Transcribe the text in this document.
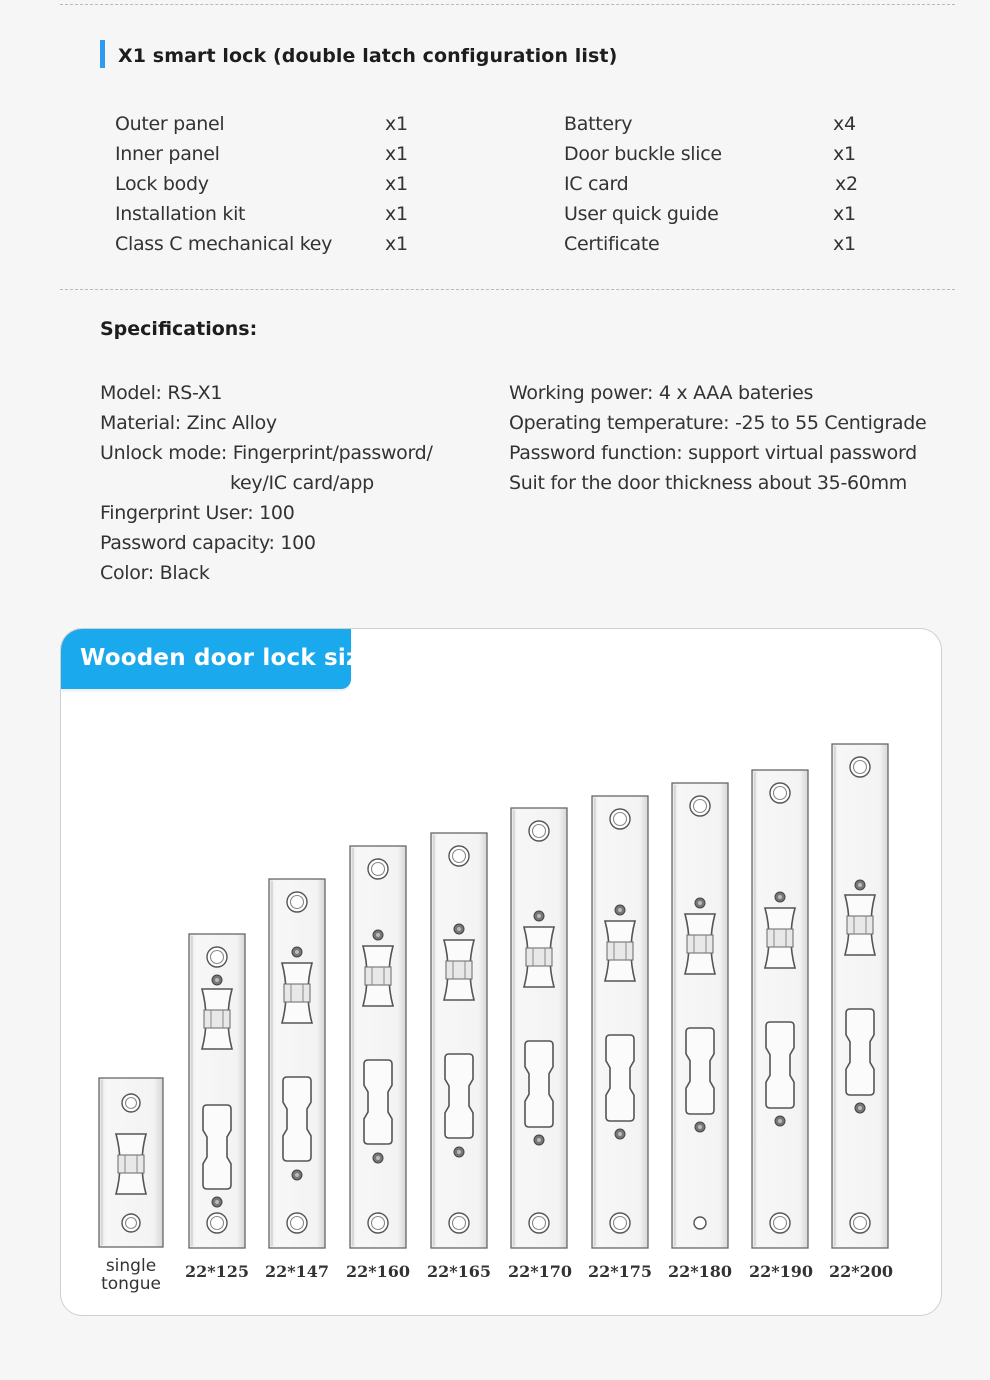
X1 smart lock (double latch configuration list)
Outer panel	x1
Inner panel	x1
Lock body	x1
Installation kit	x1
Class C mechanical key	x1
Battery	x4
Door buckle slice	x1
IC card	x2
User quick guide	x1
Certificate	x1
Specifications:
Model: RS-X1
Material: Zinc Alloy
Unlock mode: Fingerprint/password/
key/IC card/app
Fingerprint User: 100
Password capacity: 100
Color: Black
Working power: 4 x AAA bateries
Operating temperature: -25 to 55 Centigrade
Password function: support virtual password
Suit for the door thickness about 35-60mm
Wooden door lock size
single
tongue
22*125 22*147 22*160 22*165 22*170 22*175 22*180 22*190 22*200
